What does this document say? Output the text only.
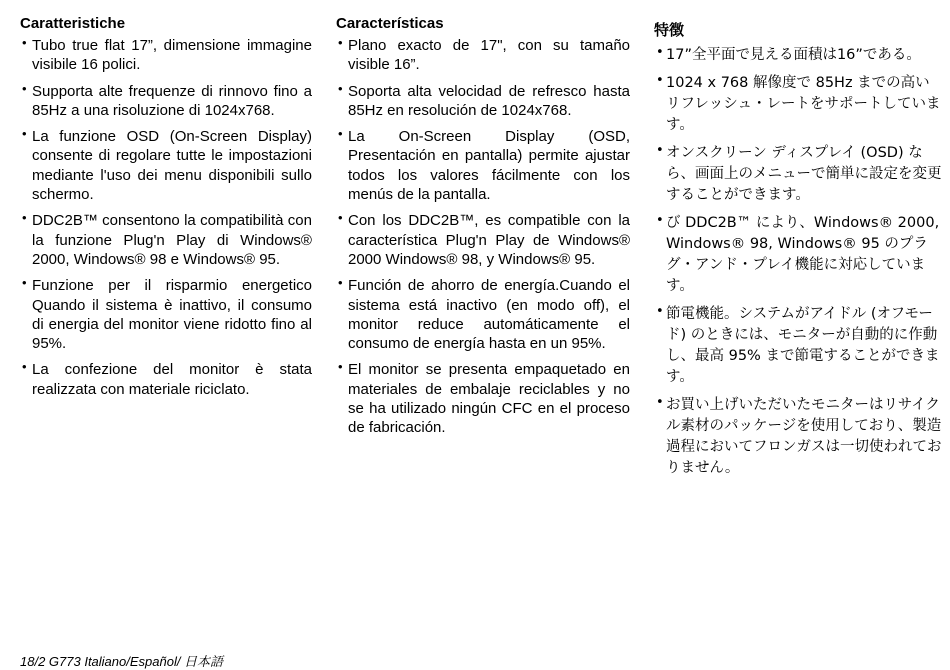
Caratteristiche
• Tubo true flat 17”, dimensione immagine visibile 16 polici.
• Supporta alte frequenze di rinnovo fino a 85Hz a una risoluzione di 1024x768.
• La funzione OSD (On-Screen Display) consente di regolare tutte le impostazioni mediante l'uso dei menu disponibili sullo schermo.
• DDC2B™ consentono la compatibilità con la funzione Plug'n Play di Windows® 2000, Windows® 98 e Windows® 95.
• Funzione per il risparmio energetico Quando il sistema è inattivo, il consumo di energia del monitor viene ridotto fino al 95%.
• La confezione del monitor è stata realizzata con materiale riciclato.
Características
• Plano exacto de 17", con su tamaño visible 16”.
• Soporta alta velocidad de refresco hasta 85Hz en resolución de 1024x768.
• La On-Screen Display (OSD, Presentación en pantalla) permite ajustar todos los valores fácilmente con los menús de la pantalla.
• Con los DDC2B™, es compatible con la característica Plug'n Play de Windows® 2000 Windows® 98, y Windows® 95.
• Función de ahorro de energía.Cuando el sistema está inactivo (en modo off), el monitor reduce automáticamente el consumo de energía hasta en un 95%.
• El monitor se presenta empaquetado en materiales de embalaje reciclables y no se ha utilizado ningún CFC en el proceso de fabricación.
特徴
• 17”全平面で見える面積は16”である。
• 1024 x 768 解像度で 85Hz までの高いリフレッシュ・レートをサポートしています。
• オンスクリーン ディスプレイ (OSD) なら、画面上のメニューで簡単に設定を変更することができます。
• び DDC2B™ により、Windows® 2000, Windows® 98, Windows® 95 のプラグ・アンド・プレイ機能に対応しています。
• 節電機能。システムがアイドル (オフモード) のときには、モニターが自動的に作動し、最高 95% まで節電することができます。
• お買い上げいただいたモニターはリサイクル素材のパッケージを使用しており、製造過程においてフロンガスは一切使われておりません。
18/2 G773 Italiano/Español/ 日本語
